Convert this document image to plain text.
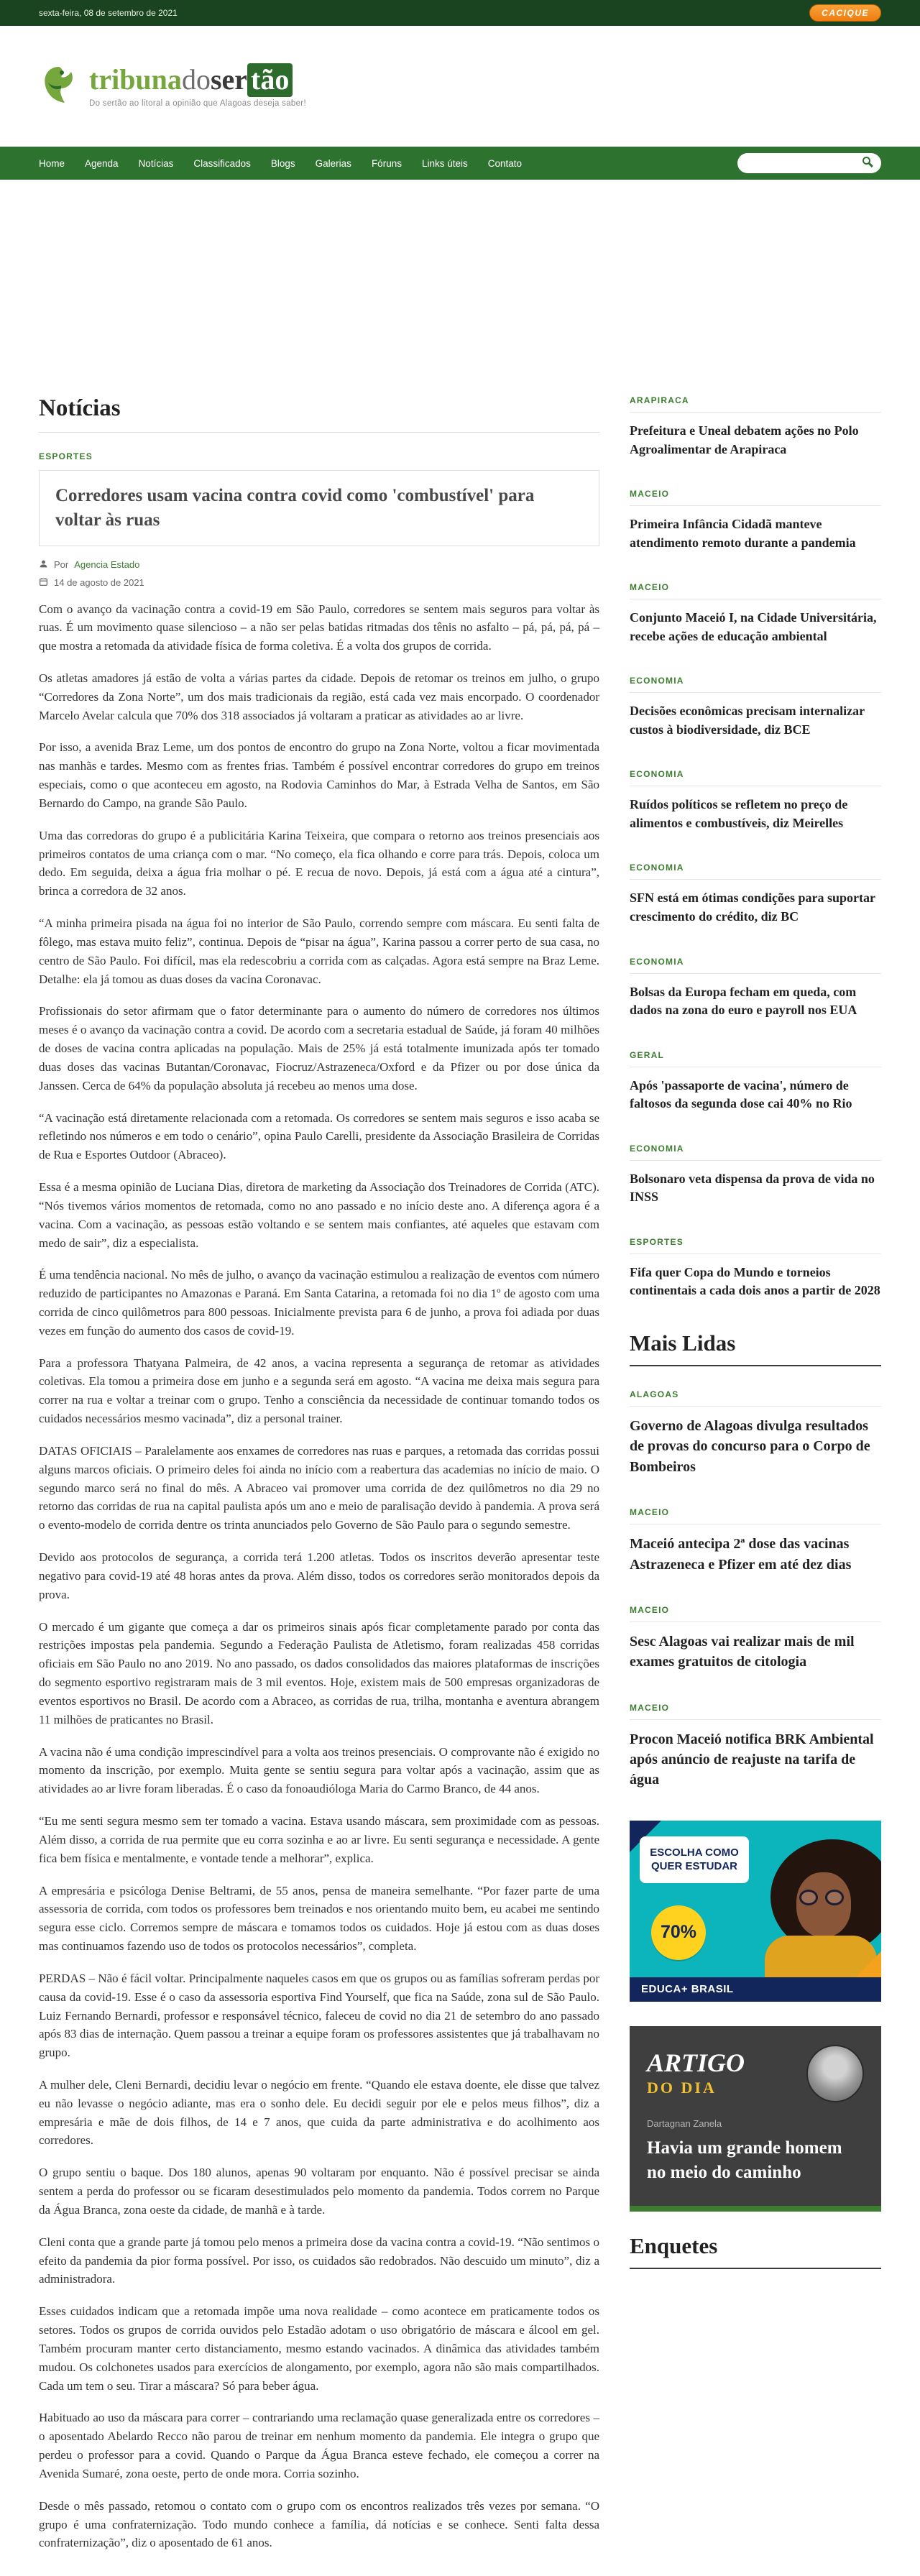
sexta-feira, 08 de setembro de 2021	CACIQUE
tribunadoser tão
Do sertão ao litoral a opinião que Alagoas deseja saber!
Home Agenda Notícias Classificados Blogs Galerias Fóruns Links úteis Contato
Notícias
ESPORTES
Corredores usam vacina contra covid como 'combustível' para voltar às ruas
Por Agencia Estado
14 de agosto de 2021

Com o avanço da vacinação contra a covid-19 em São Paulo, corredores se sentem mais seguros para voltar às ruas. É um movimento quase silencioso – a não ser pelas batidas ritmadas dos tênis no asfalto – pá, pá, pá, pá – que mostra a retomada da atividade física de forma coletiva. É a volta dos grupos de corrida.

Os atletas amadores já estão de volta a várias partes da cidade. Depois de retomar os treinos em julho, o grupo “Corredores da Zona Norte”, um dos mais tradicionais da região, está cada vez mais encorpado. O coordenador Marcelo Avelar calcula que 70% dos 318 associados já voltaram a praticar as atividades ao ar livre.

Por isso, a avenida Braz Leme, um dos pontos de encontro do grupo na Zona Norte, voltou a ficar movimentada nas manhãs e tardes. Mesmo com as frentes frias. Também é possível encontrar corredores do grupo em treinos especiais, como o que aconteceu em agosto, na Rodovia Caminhos do Mar, à Estrada Velha de Santos, em São Bernardo do Campo, na grande São Paulo.

Uma das corredoras do grupo é a publicitária Karina Teixeira, que compara o retorno aos treinos presenciais aos primeiros contatos de uma criança com o mar. “No começo, ela fica olhando e corre para trás. Depois, coloca um dedo. Em seguida, deixa a água fria molhar o pé. E recua de novo. Depois, já está com a água até a cintura”, brinca a corredora de 32 anos.

“A minha primeira pisada na água foi no interior de São Paulo, correndo sempre com máscara. Eu senti falta de fôlego, mas estava muito feliz”, continua. Depois de “pisar na água”, Karina passou a correr perto de sua casa, no centro de São Paulo. Foi difícil, mas ela redescobriu a corrida com as calçadas. Agora está sempre na Braz Leme. Detalhe: ela já tomou as duas doses da vacina Coronavac.

Profissionais do setor afirmam que o fator determinante para o aumento do número de corredores nos últimos meses é o avanço da vacinação contra a covid. De acordo com a secretaria estadual de Saúde, já foram 40 milhões de doses de vacina contra aplicadas na população. Mais de 25% já está totalmente imunizada após ter tomado duas doses das vacinas Butantan/Coronavac, Fiocruz/Astrazeneca/Oxford e da Pfizer ou por dose única da Janssen. Cerca de 64% da população absoluta já recebeu ao menos uma dose.

“A vacinação está diretamente relacionada com a retomada. Os corredores se sentem mais seguros e isso acaba se refletindo nos números e em todo o cenário”, opina Paulo Carelli, presidente da Associação Brasileira de Corridas de Rua e Esportes Outdoor (Abraceo).

Essa é a mesma opinião de Luciana Dias, diretora de marketing da Associação dos Treinadores de Corrida (ATC). “Nós tivemos vários momentos de retomada, como no ano passado e no início deste ano. A diferença agora é a vacina. Com a vacinação, as pessoas estão voltando e se sentem mais confiantes, até aqueles que estavam com medo de sair”, diz a especialista.

É uma tendência nacional. No mês de julho, o avanço da vacinação estimulou a realização de eventos com número reduzido de participantes no Amazonas e Paraná. Em Santa Catarina, a retomada foi no dia 1º de agosto com uma corrida de cinco quilômetros para 800 pessoas. Inicialmente prevista para 6 de junho, a prova foi adiada por duas vezes em função do aumento dos casos de covid-19.

Para a professora Thatyana Palmeira, de 42 anos, a vacina representa a segurança de retomar as atividades coletivas. Ela tomou a primeira dose em junho e a segunda será em agosto. “A vacina me deixa mais segura para correr na rua e voltar a treinar com o grupo. Tenho a consciência da necessidade de continuar tomando todos os cuidados necessários mesmo vacinada”, diz a personal trainer.

DATAS OFICIAIS – Paralelamente aos enxames de corredores nas ruas e parques, a retomada das corridas possui alguns marcos oficiais. O primeiro deles foi ainda no início com a reabertura das academias no início de maio. O segundo marco será no final do mês. A Abraceo vai promover uma corrida de dez quilômetros no dia 29 no retorno das corridas de rua na capital paulista após um ano e meio de paralisação devido à pandemia. A prova será o evento-modelo de corrida dentre os trinta anunciados pelo Governo de São Paulo para o segundo semestre.

Devido aos protocolos de segurança, a corrida terá 1.200 atletas. Todos os inscritos deverão apresentar teste negativo para covid-19 até 48 horas antes da prova. Além disso, todos os corredores serão monitorados depois da prova.

O mercado é um gigante que começa a dar os primeiros sinais após ficar completamente parado por conta das restrições impostas pela pandemia. Segundo a Federação Paulista de Atletismo, foram realizadas 458 corridas oficiais em São Paulo no ano 2019. No ano passado, os dados consolidados das maiores plataformas de inscrições do segmento esportivo registraram mais de 3 mil eventos. Hoje, existem mais de 500 empresas organizadoras de eventos esportivos no Brasil. De acordo com a Abraceo, as corridas de rua, trilha, montanha e aventura abrangem 11 milhões de praticantes no Brasil.

A vacina não é uma condição imprescindível para a volta aos treinos presenciais. O comprovante não é exigido no momento da inscrição, por exemplo. Muita gente se sentiu segura para voltar após a vacinação, assim que as atividades ao ar livre foram liberadas. É o caso da fonoaudióloga Maria do Carmo Branco, de 44 anos.

“Eu me senti segura mesmo sem ter tomado a vacina. Estava usando máscara, sem proximidade com as pessoas. Além disso, a corrida de rua permite que eu corra sozinha e ao ar livre. Eu senti segurança e necessidade. A gente fica bem física e mentalmente, e vontade tende a melhorar”, explica.

A empresária e psicóloga Denise Beltrami, de 55 anos, pensa de maneira semelhante. “Por fazer parte de uma assessoria de corrida, com todos os professores bem treinados e nos orientando muito bem, eu acabei me sentindo segura esse ciclo. Corremos sempre de máscara e tomamos todos os cuidados. Hoje já estou com as duas doses mas continuamos fazendo uso de todos os protocolos necessários”, completa.

PERDAS – Não é fácil voltar. Principalmente naqueles casos em que os grupos ou as famílias sofreram perdas por causa da covid-19. Esse é o caso da assessoria esportiva Find Yourself, que fica na Saúde, zona sul de São Paulo. Luiz Fernando Bernardi, professor e responsável técnico, faleceu de covid no dia 21 de setembro do ano passado após 83 dias de internação. Quem passou a treinar a equipe foram os professores assistentes que já trabalhavam no grupo.

A mulher dele, Cleni Bernardi, decidiu levar o negócio em frente. “Quando ele estava doente, ele disse que talvez eu não levasse o negócio adiante, mas era o sonho dele. Eu decidi seguir por ele e pelos meus filhos”, diz a empresária e mãe de dois filhos, de 14 e 7 anos, que cuida da parte administrativa e do acolhimento aos corredores.

O grupo sentiu o baque. Dos 180 alunos, apenas 90 voltaram por enquanto. Não é possível precisar se ainda sentem a perda do professor ou se ficaram desestimulados pelo momento da pandemia. Todos correm no Parque da Água Branca, zona oeste da cidade, de manhã e à tarde.

Cleni conta que a grande parte já tomou pelo menos a primeira dose da vacina contra a covid-19. “Não sentimos o efeito da pandemia da pior forma possível. Por isso, os cuidados são redobrados. Não descuido um minuto”, diz a administradora.

Esses cuidados indicam que a retomada impõe uma nova realidade – como acontece em praticamente todos os setores. Todos os grupos de corrida ouvidos pelo Estadão adotam o uso obrigatório de máscara e álcool em gel. Também procuram manter certo distanciamento, mesmo estando vacinados. A dinâmica das atividades também mudou. Os colchonetes usados para exercícios de alongamento, por exemplo, agora não são mais compartilhados. Cada um tem o seu. Tirar a máscara? Só para beber água.

Habituado ao uso da máscara para correr – contrariando uma reclamação quase generalizada entre os corredores – o aposentado Abelardo Recco não parou de treinar em nenhum momento da pandemia. Ele integra o grupo que perdeu o professor para a covid. Quando o Parque da Água Branca esteve fechado, ele começou a correr na Avenida Sumaré, zona oeste, perto de onde mora. Corria sozinho.

Desde o mês passado, retomou o contato com o grupo com os encontros realizados três vezes por semana. “O grupo é uma confraternização. Todo mundo conhece a família, dá notícias e se conhece. Senti falta dessa confraternização”, diz o aposentado de 61 anos.

ARAPIRACA
Prefeitura e Uneal debatem ações no Polo Agroalimentar de Arapiraca
MACEIO
Primeira Infância Cidadã manteve atendimento remoto durante a pandemia
MACEIO
Conjunto Maceió I, na Cidade Universitária, recebe ações de educação ambiental
ECONOMIA
Decisões econômicas precisam internalizar custos à biodiversidade, diz BCE
ECONOMIA
Ruídos políticos se refletem no preço de alimentos e combustíveis, diz Meirelles
ECONOMIA
SFN está em ótimas condições para suportar crescimento do crédito, diz BC
ECONOMIA
Bolsas da Europa fecham em queda, com dados na zona do euro e payroll nos EUA
GERAL
Após 'passaporte de vacina', número de faltosos da segunda dose cai 40% no Rio
ECONOMIA
Bolsonaro veta dispensa da prova de vida no INSS
ESPORTES
Fifa quer Copa do Mundo e torneios continentais a cada dois anos a partir de 2028
Mais Lidas
ALAGOAS
Governo de Alagoas divulga resultados de provas do concurso para o Corpo de Bombeiros
MACEIO
Maceió antecipa 2ª dose das vacinas Astrazeneca e Pfizer em até dez dias
MACEIO
Sesc Alagoas vai realizar mais de mil exames gratuitos de citologia
MACEIO
Procon Maceió notifica BRK Ambiental após anúncio de reajuste na tarifa de água
ESCOLHA COMO QUER ESTUDAR
70%
EDUCA+ BRASIL
ARTIGO
DO DIA
Dartagnan Zanela
Havia um grande homem no meio do caminho
Enquetes
